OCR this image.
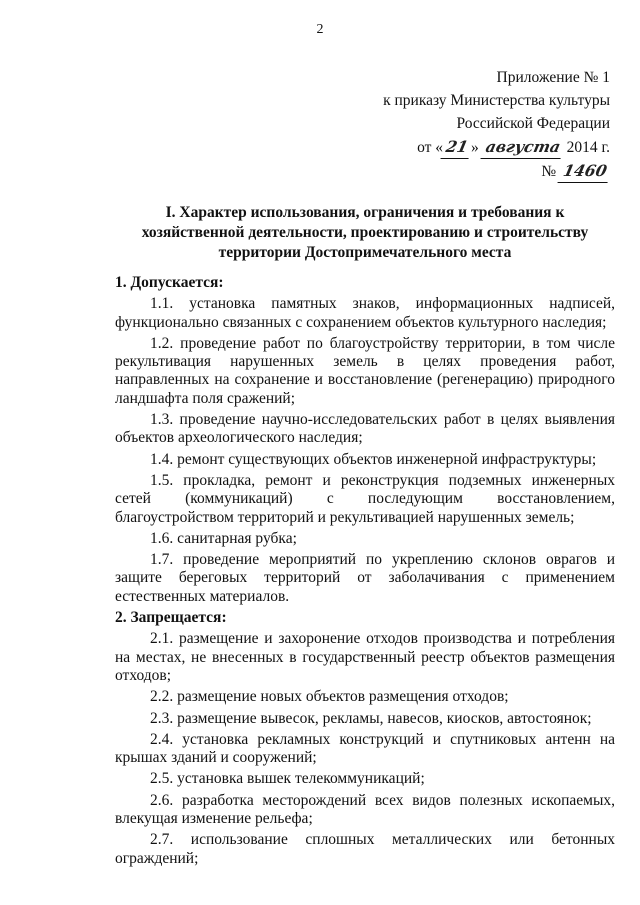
2
Приложение № 1
к приказу Министерства культуры
Российской Федерации
от «21» августа 2014 г.
№ 1460
I. Характер использования, ограничения и требования к хозяйственной деятельности, проектированию и строительству территории Достопримечательного места
1. Допускается:

1.1. установка памятных знаков, информационных надписей, функционально связанных с сохранением объектов культурного наследия;

1.2. проведение работ по благоустройству территории, в том числе рекультивация нарушенных земель в целях проведения работ, направленных на сохранение и восстановление (регенерацию) природного ландшафта поля сражений;

1.3. проведение научно-исследовательских работ в целях выявления объектов археологического наследия;

1.4. ремонт существующих объектов инженерной инфраструктуры;

1.5. прокладка, ремонт и реконструкция подземных инженерных сетей (коммуникаций) с последующим восстановлением, благоустройством территорий и рекультивацией нарушенных земель;

1.6. санитарная рубка;

1.7. проведение мероприятий по укреплению склонов оврагов и защите береговых территорий от заболачивания с применением естественных материалов.

2. Запрещается:

2.1. размещение и захоронение отходов производства и потребления на местах, не внесенных в государственный реестр объектов размещения отходов;

2.2. размещение новых объектов размещения отходов;

2.3. размещение вывесок, рекламы, навесов, киосков, автостоянок;

2.4. установка рекламных конструкций и спутниковых антенн на крышах зданий и сооружений;

2.5. установка вышек телекоммуникаций;

2.6. разработка месторождений всех видов полезных ископаемых, влекущая изменение рельефа;

2.7. использование сплошных металлических или бетонных ограждений;
